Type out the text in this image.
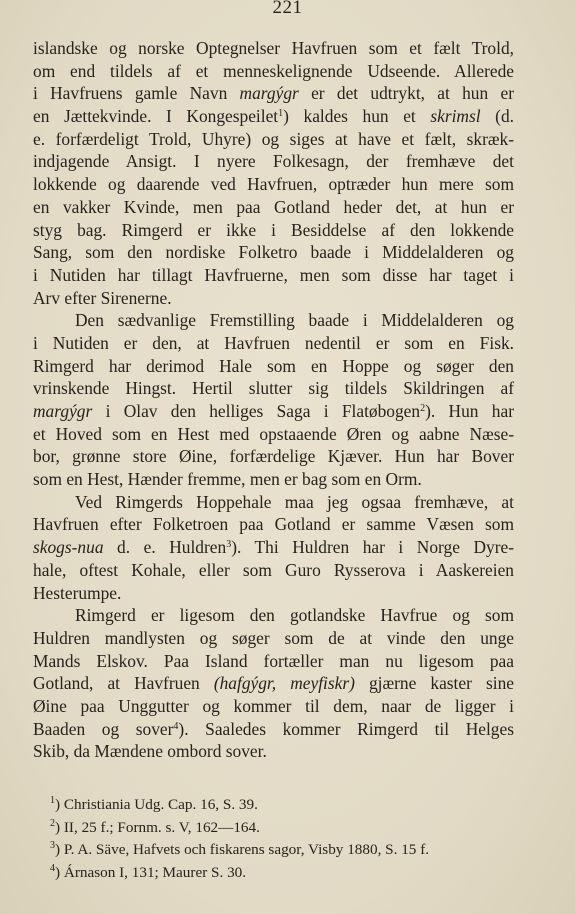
221
islandske og norske Optegnelser Havfruen som et fælt Trold,
om end tildels af et menneskelignende Udseende. Allerede
i Havfruens gamle Navn margýgr er det udtrykt, at hun er
en Jættekvinde. I Kongespeilet$^1$) kaldes hun et skrimsl (d.
e. forfærdeligt Trold, Uhyre) og siges at have et fælt, skræk-
indjagende Ansigt. I nyere Folkesagn, der fremhæve det
lokkende og daarende ved Havfruen, optræder hun mere som
en vakker Kvinde, men paa Gotland heder det, at hun er
styg bag. Rimgerd er ikke i Besiddelse af den lokkende
Sang, som den nordiske Folketro baade i Middelalderen og
i Nutiden har tillagt Havfruerne, men som disse har taget i
Arv efter Sirenerne.
Den sædvanlige Fremstilling baade i Middelalderen og
i Nutiden er den, at Havfruen nedentil er som en Fisk.
Rimgerd har derimod Hale som en Hoppe og søger den
vrinskende Hingst. Hertil slutter sig tildels Skildringen af
margýgr i Olav den helliges Saga i Flatøbogen$^2$). Hun har
et Hoved som en Hest med opstaaende Øren og aabne Næse-
bor, grønne store Øine, forfærdelige Kjæver. Hun har Bover
som en Hest, Hænder fremme, men er bag som en Orm.
Ved Rimgerds Hoppehale maa jeg ogsaa fremhæve, at
Havfruen efter Folketroen paa Gotland er samme Væsen som
skogs-nua d. e. Huldren$^3$). Thi Huldren har i Norge Dyre-
hale, oftest Kohale, eller som Guro Rysserova i Aaskereien
Hesterumpe.
Rimgerd er ligesom den gotlandske Havfrue og som
Huldren mandlysten og søger som de at vinde den unge
Mands Elskov. Paa Island fortæller man nu ligesom paa
Gotland, at Havfruen (hafgýgr, meyfiskr) gjærne kaster sine
Øine paa Unggutter og kommer til dem, naar de ligger i
Baaden og sover$^4$). Saaledes kommer Rimgerd til Helges
Skib, da Mændene ombord sover.
$^1$) Christiania Udg. Cap. 16, S. 39.
$^2$) II, 25 f.; Fornm. s. V, 162—164.
$^3$) P. A. Säve, Hafvets och fiskarens sagor, Visby 1880, S. 15 f.
$^4$) Árnason I, 131; Maurer S. 30.
